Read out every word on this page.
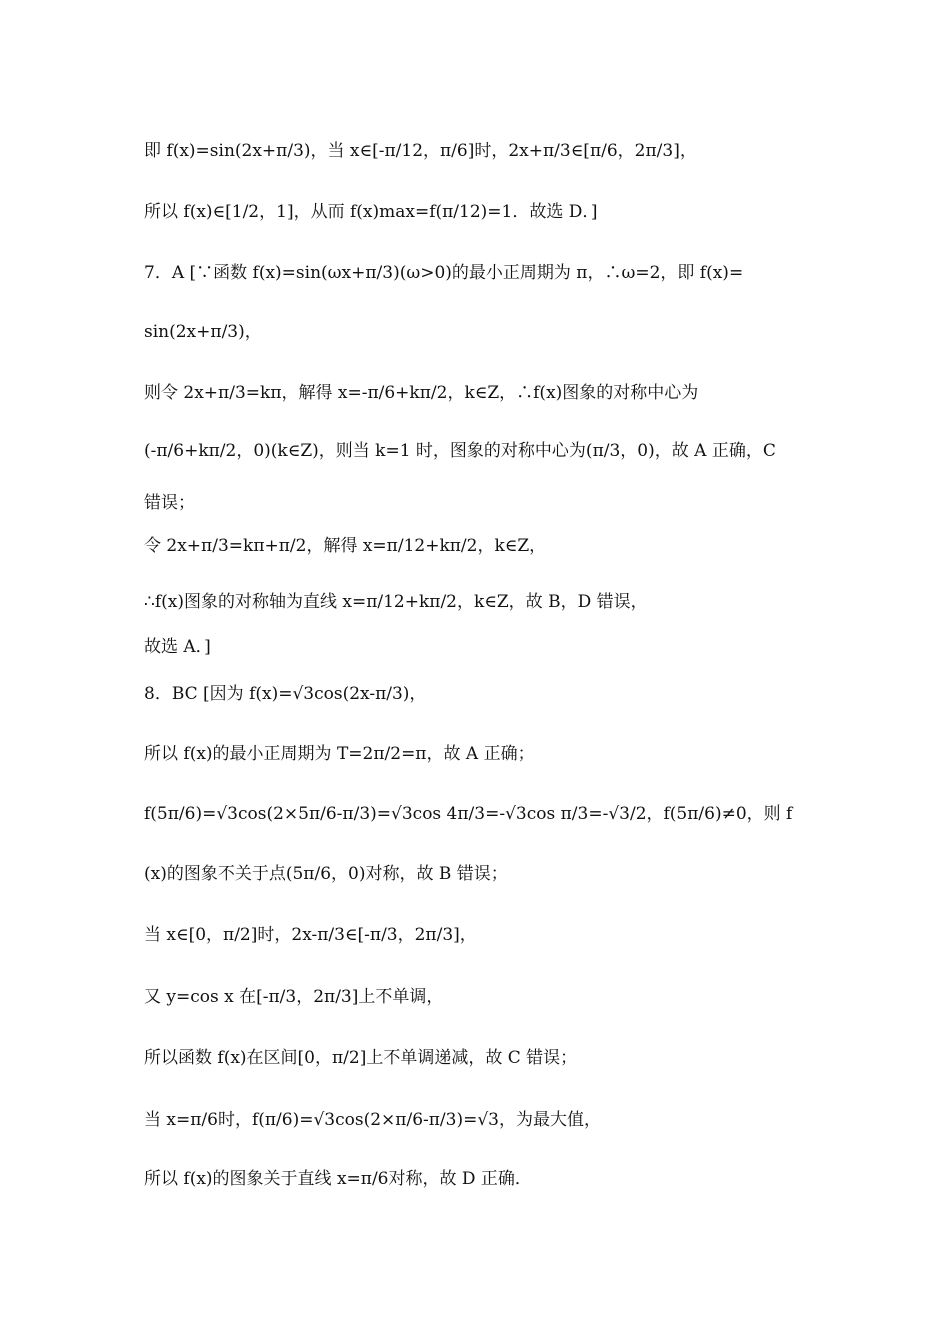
即 f(x)=sin(2x+π/3)，当 x∈[-π/12，π/6]时，2x+π/3∈[π/6，2π/3]，
所以 f(x)∈[1/2，1]，从而 f(x)max=f(π/12)=1．故选 D．]
7．A [∵函数 f(x)=sin(ωx+π/3)(ω>0)的最小正周期为 π，∴ω=2，即 f(x)=
sin(2x+π/3)，
则令 2x+π/3=kπ，解得 x=-π/6+kπ/2，k∈Z，∴f(x)图象的对称中心为
(-π/6+kπ/2，0)(k∈Z)，则当 k=1 时，图象的对称中心为(π/3，0)，故 A 正确，C
错误；
令 2x+π/3=kπ+π/2，解得 x=π/12+kπ/2，k∈Z，
∴f(x)图象的对称轴为直线 x=π/12+kπ/2，k∈Z，故 B，D 错误，
故选 A．]
8．BC [因为 f(x)=√3cos(2x-π/3)，
所以 f(x)的最小正周期为 T=2π/2=π，故 A 正确；
f(5π/6)=√3cos(2×5π/6-π/3)=√3cos 4π/3=-√3cos π/3=-√3/2，f(5π/6)≠0，则 f
(x)的图象不关于点(5π/6，0)对称，故 B 错误；
当 x∈[0，π/2]时，2x-π/3∈[-π/3，2π/3]，
又 y=cos x 在[-π/3，2π/3]上不单调，
所以函数 f(x)在区间[0，π/2]上不单调递减，故 C 错误；
当 x=π/6时，f(π/6)=√3cos(2×π/6-π/3)=√3，为最大值，
所以 f(x)的图象关于直线 x=π/6对称，故 D 正确．
